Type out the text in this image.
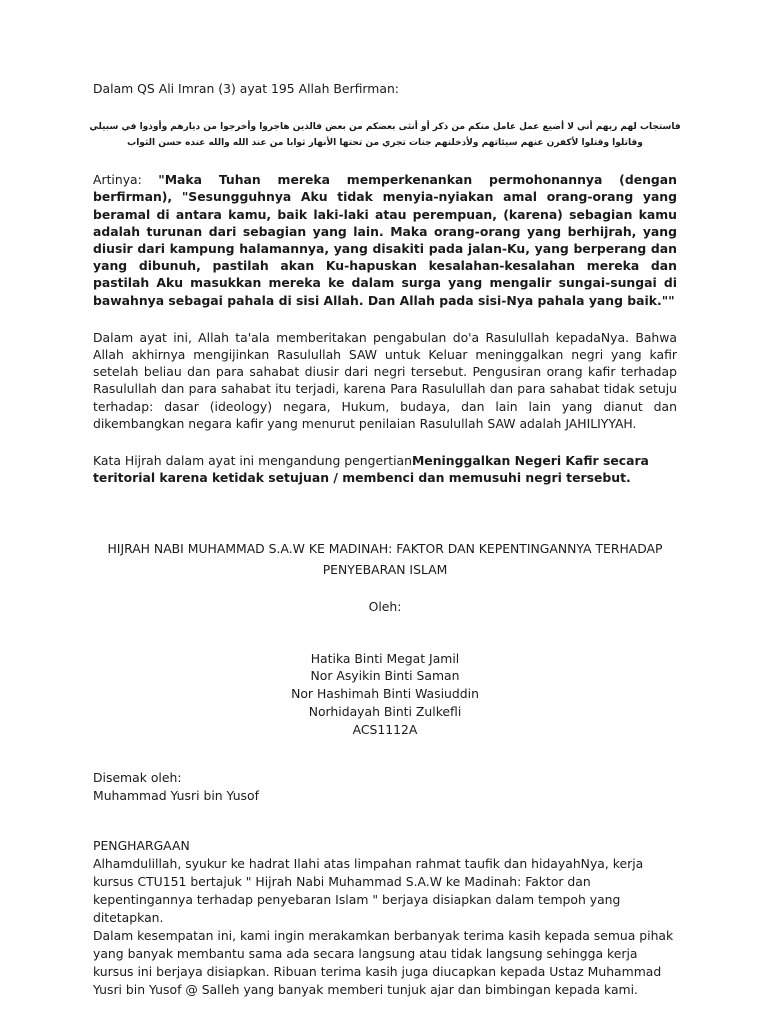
Dalam QS Ali Imran (3) ayat 195 Allah Berfirman:

فاستجاب لهم ربهم أني لا أضيع عمل عامل منكم من ذكر أو أنثى بعضكم من بعض فالذين هاجروا وأخرجوا من ديارهم وأوذوا في سبيلي وقاتلوا وقتلوا لأكفرن عنهم سيئاتهم ولأدخلنهم جنات تجري من تحتها الأنهار ثوابا من عند الله والله عنده حسن الثواب

Artinya: "Maka Tuhan mereka memperkenankan permohonannya (dengan berfirman), "Sesungguhnya Aku tidak menyia-nyiakan amal orang-orang yang beramal di antara kamu, baik laki-laki atau perempuan, (karena) sebagian kamu adalah turunan dari sebagian yang lain. Maka orang-orang yang berhijrah, yang diusir dari kampung halamannya, yang disakiti pada jalan-Ku, yang berperang dan yang dibunuh, pastilah akan Ku-hapuskan kesalahan-kesalahan mereka dan pastilah Aku masukkan mereka ke dalam surga yang mengalir sungai-sungai di bawahnya sebagai pahala di sisi Allah. Dan Allah pada sisi-Nya pahala yang baik.""

Dalam ayat ini, Allah ta'ala memberitakan pengabulan do'a Rasulullah kepadaNya. Bahwa Allah akhirnya mengijinkan Rasulullah SAW untuk Keluar meninggalkan negri yang kafir setelah beliau dan para sahabat diusir dari negri tersebut. Pengusiran orang kafir terhadap Rasulullah dan para sahabat itu terjadi, karena Para Rasulullah dan para sahabat tidak setuju terhadap: dasar (ideology) negara, Hukum, budaya, dan lain lain yang dianut dan dikembangkan negara kafir yang menurut penilaian Rasulullah SAW adalah JAHILIYYAH.

Kata Hijrah dalam ayat ini mengandung pengertianMeninggalkan Negeri Kafir secara teritorial karena ketidak setujuan / membenci dan memusuhi negri tersebut.

HIJRAH NABI MUHAMMAD S.A.W KE MADINAH: FAKTOR DAN KEPENTINGANNYA TERHADAP PENYEBARAN ISLAM

Oleh:

Hatika Binti Megat Jamil
Nor Asyikin Binti Saman
Nor Hashimah Binti Wasiuddin
Norhidayah Binti Zulkefli
ACS1112A
Disemak oleh:
Muhammad Yusri bin Yusof
PENGHARGAAN
Alhamdulillah, syukur ke hadrat Ilahi atas limpahan rahmat taufik dan hidayahNya, kerja kursus CTU151 bertajuk " Hijrah Nabi Muhammad S.A.W ke Madinah: Faktor dan kepentingannya terhadap penyebaran Islam " berjaya disiapkan dalam tempoh yang ditetapkan.
Dalam kesempatan ini, kami ingin merakamkan berbanyak terima kasih kepada semua pihak yang banyak membantu sama ada secara langsung atau tidak langsung sehingga kerja kursus ini berjaya disiapkan. Ribuan terima kasih juga diucapkan kepada Ustaz Muhammad Yusri bin Yusof @ Salleh yang banyak memberi tunjuk ajar dan bimbingan kepada kami.
